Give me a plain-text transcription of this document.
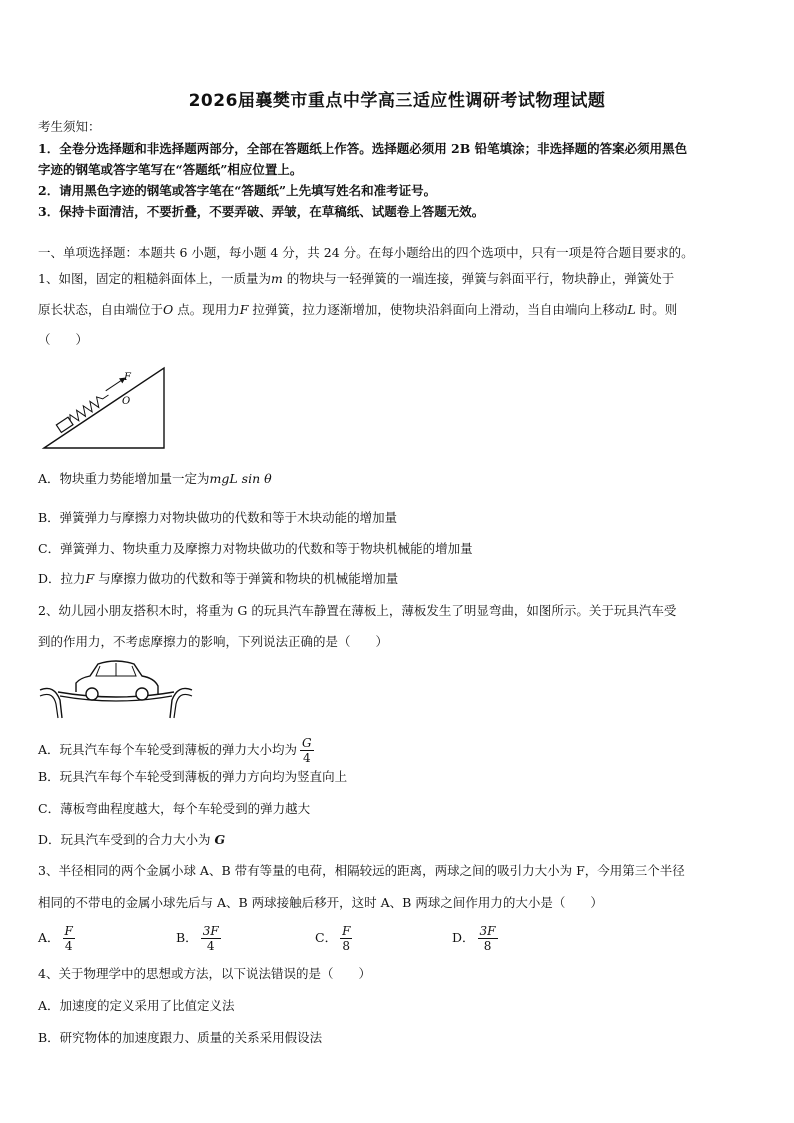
2026届襄樊市重点中学高三适应性调研考试物理试题
考生须知：
1．全卷分选择题和非选择题两部分，全部在答题纸上作答。选择题必须用 2B 铅笔填涂；非选择题的答案必须用黑色
字迹的钢笔或答字笔写在“答题纸”相应位置上。
2．请用黑色字迹的钢笔或答字笔在“答题纸”上先填写姓名和准考证号。
3．保持卡面清洁，不要折叠，不要弄破、弄皱，在草稿纸、试题卷上答题无效。
一、单项选择题：本题共 6 小题，每小题 4 分，共 24 分。在每小题给出的四个选项中，只有一项是符合题目要求的。
1、如图，固定的粗糙斜面体上，一质量为m 的物块与一轻弹簧的一端连接，弹簧与斜面平行，物块静止，弹簧处于
原长状态，自由端位于O 点。现用力F 拉弹簧，拉力逐渐增加，使物块沿斜面向上滑动，当自由端向上移动L 时。则
（　　）
F
O
A．物块重力势能增加量一定为mgL sin θ
B．弹簧弹力与摩擦力对物块做功的代数和等于木块动能的增加量
C．弹簧弹力、物块重力及摩擦力对物块做功的代数和等于物块机械能的增加量
D．拉力F 与摩擦力做功的代数和等于弹簧和物块的机械能增加量
2、幼儿园小朋友搭积木时，将重为 G 的玩具汽车静置在薄板上，薄板发生了明显弯曲，如图所示。关于玩具汽车受
到的作用力，不考虑摩擦力的影响，下列说法正确的是（　　）
A．玩具汽车每个车轮受到薄板的弹力大小均为 $\frac{G}{4}$
B．玩具汽车每个车轮受到薄板的弹力方向均为竖直向上
C．薄板弯曲程度越大，每个车轮受到的弹力越大
D．玩具汽车受到的合力大小为 G
3、半径相同的两个金属小球 A、B 带有等量的电荷，相隔较远的距离，两球之间的吸引力大小为 F，今用第三个半径
相同的不带电的金属小球先后与 A、B 两球接触后移开，这时 A、B 两球之间作用力的大小是（　　）
A． $\frac{F}{4}$	B． $\frac{3F}{4}$	C． $\frac{F}{8}$	D． $\frac{3F}{8}$
4、关于物理学中的思想或方法，以下说法错误的是（　　）
A．加速度的定义采用了比值定义法
B．研究物体的加速度跟力、质量的关系采用假设法
